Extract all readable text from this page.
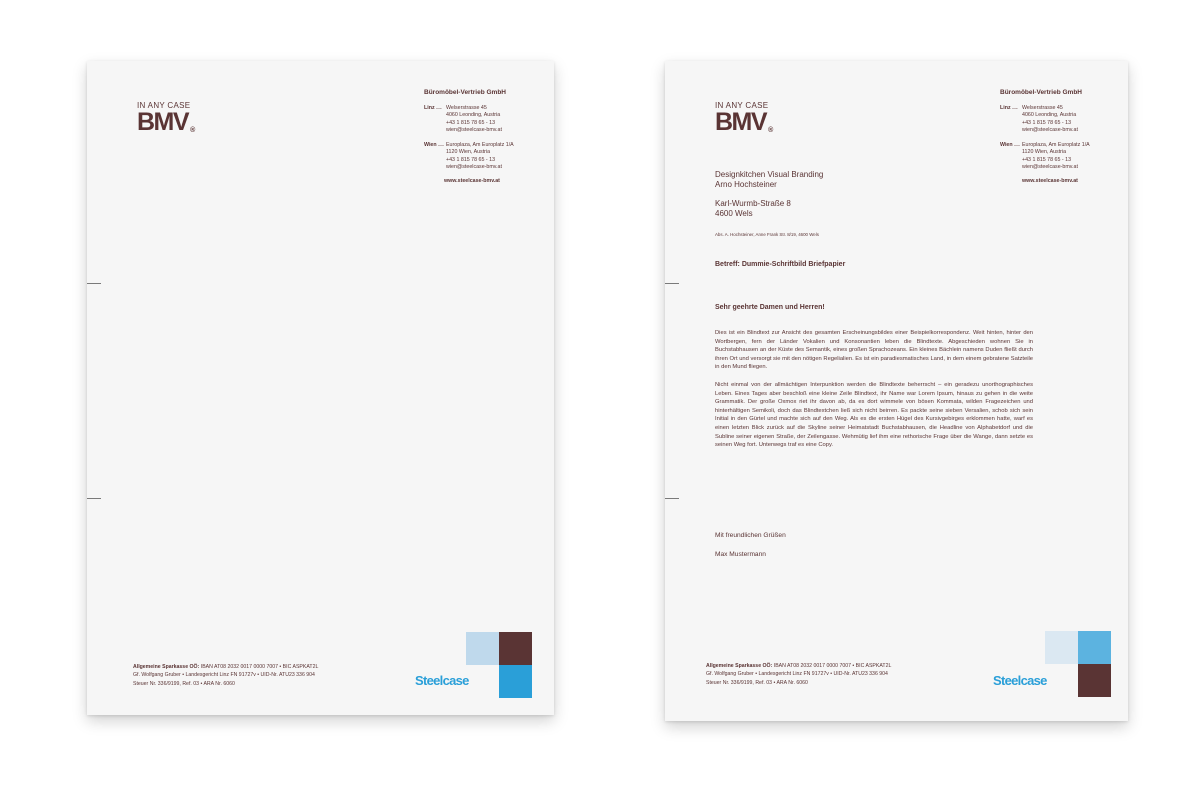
IN ANY CASE
BMV ®
Büromöbel-Vertrieb GmbH
Linz ......	Welserstrasse 45
4060 Leonding, Austria
+43 1 815 78 65 - 13
wien@steelcase-bmv.at
Wien ......	Europlaza, Am Europlatz 1/A
1120 Wien, Austria
+43 1 815 78 65 - 13
wien@steelcase-bmv.at
www.steelcase-bmv.at
Allgemeine Sparkasse OÖ: IBAN AT08 2032 0017 0000 7007 • BIC ASPKAT2L
Gf. Wolfgang Gruber • Landesgericht Linz FN 91727v • UID-Nr. ATU23 336 904
Steuer Nr. 336/9199, Ref. 03 • ARA Nr. 6060	Steelcase
IN ANY CASE
BMV ®
Büromöbel-Vertrieb GmbH
Linz ......	Welserstrasse 45
4060 Leonding, Austria
+43 1 815 78 65 - 13
wien@steelcase-bmv.at
Wien ......	Europlaza, Am Europlatz 1/A
1120 Wien, Austria
+43 1 815 78 65 - 13
wien@steelcase-bmv.at
www.steelcase-bmv.at
Designkitchen Visual Branding
Arno Hochsteiner
Karl-Wurmb-Straße 8
4600 Wels
Abs. A. Hochsteiner, Anne Frank Str. 8/19, 4600 Wels
Betreff: Dummie-Schriftbild Briefpapier
Sehr geehrte Damen und Herren!
Dies ist ein Blindtext zur Ansicht des gesamten Erscheinungsbildes einer Beispielkorrespondenz. Weit hinten, hinter den Wortbergen, fern der Länder Vokalien und Konsonantien leben die Blindtexte. Abgeschieden wohnen Sie in Buchstabhausen an der Küste des Semantik, eines großen Sprachozeans. Ein kleines Bächlein namens Duden fließt durch ihren Ort und versorgt sie mit den nötigen Regelialien. Es ist ein paradiesmatisches Land, in dem einem gebratene Satzteile in den Mund fliegen.
Nicht einmal von der allmächtigen Interpunktion werden die Blindtexte beherrscht – ein geradezu unorthographisches Leben. Eines Tages aber beschloß eine kleine Zeile Blindtext, ihr Name war Lorem Ipsum, hinaus zu gehen in die weite Grammatik. Der große Oxmox riet ihr davon ab, da es dort wimmele von bösen Kommata, wilden Fragezeichen und hinterhältigen Semikoli, doch das Blindtextchen ließ sich nicht beirren. Es packte seine sieben Versalien, schob sich sein Initial in den Gürtel und machte sich auf den Weg. Als es die ersten Hügel des Kursivgebirges erklommen hatte, warf es einen letzten Blick zurück auf die Skyline seiner Heimatstadt Buchstabhausen, die Headline von Alphabetdorf und die Subline seiner eigenen Straße, der Zeilengasse. Wehmütig lief ihm eine rethorische Frage über die Wange, dann setzte es seinen Weg fort. Unterwegs traf es eine Copy.
Mit freundlichen Grüßen
Max Mustermann
Allgemeine Sparkasse OÖ: IBAN AT08 2032 0017 0000 7007 • BIC ASPKAT2L
Gf. Wolfgang Gruber • Landesgericht Linz FN 91727v • UID-Nr. ATU23 336 904
Steuer Nr. 336/9199, Ref. 03 • ARA Nr. 6060	Steelcase
